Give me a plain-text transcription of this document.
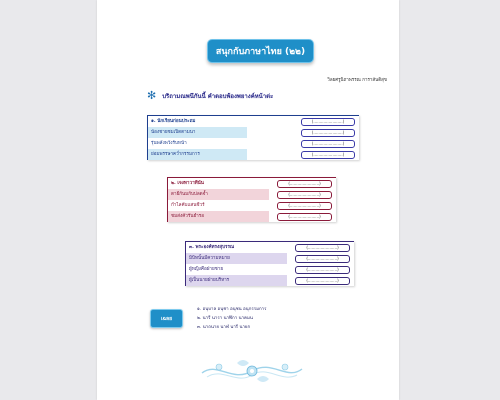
สนุกกับภาษาไทย (๒๒)
วิลยศรูนิถาพรรณ การาสันติสุข
✻ บริถามณพนึกันนี้ คำตอบพ้องพยางค์หน้าต่ะ
๑. นักเรียนก่อนประถม	(.......................)
น้องชายชมเปิดตามนา	(.......................)
รุ่นพลังพวังรับหน้า	(.......................)
ย่อมพรรษาคว่ำกรรมการ	(.......................)
๒. เจงหาวาทีนั้น	(.......................)
ตายีกันมกับปลดจ้ำ	(.......................)
กำไลคับแสนชีวร์	(.......................)
ชมส่งคัวรันยำรอ	(.......................)
๓. พระองค์ทรงสุบรรณ	(.......................)
มิบิทนั้นมีความหมาย	(.......................)
ผู้หญิงคือฝ่ายชาย	(.......................)
ผู้เป็นนายฝ่ายบริหาร	(.......................)
เฉลย
๑. อนุบาล อนุชา อนุชน อนุกรรมการ
๒. นารี นารา นาฬิกา นาคมน
๓. นาถนาย นาฬ นารี นายก
